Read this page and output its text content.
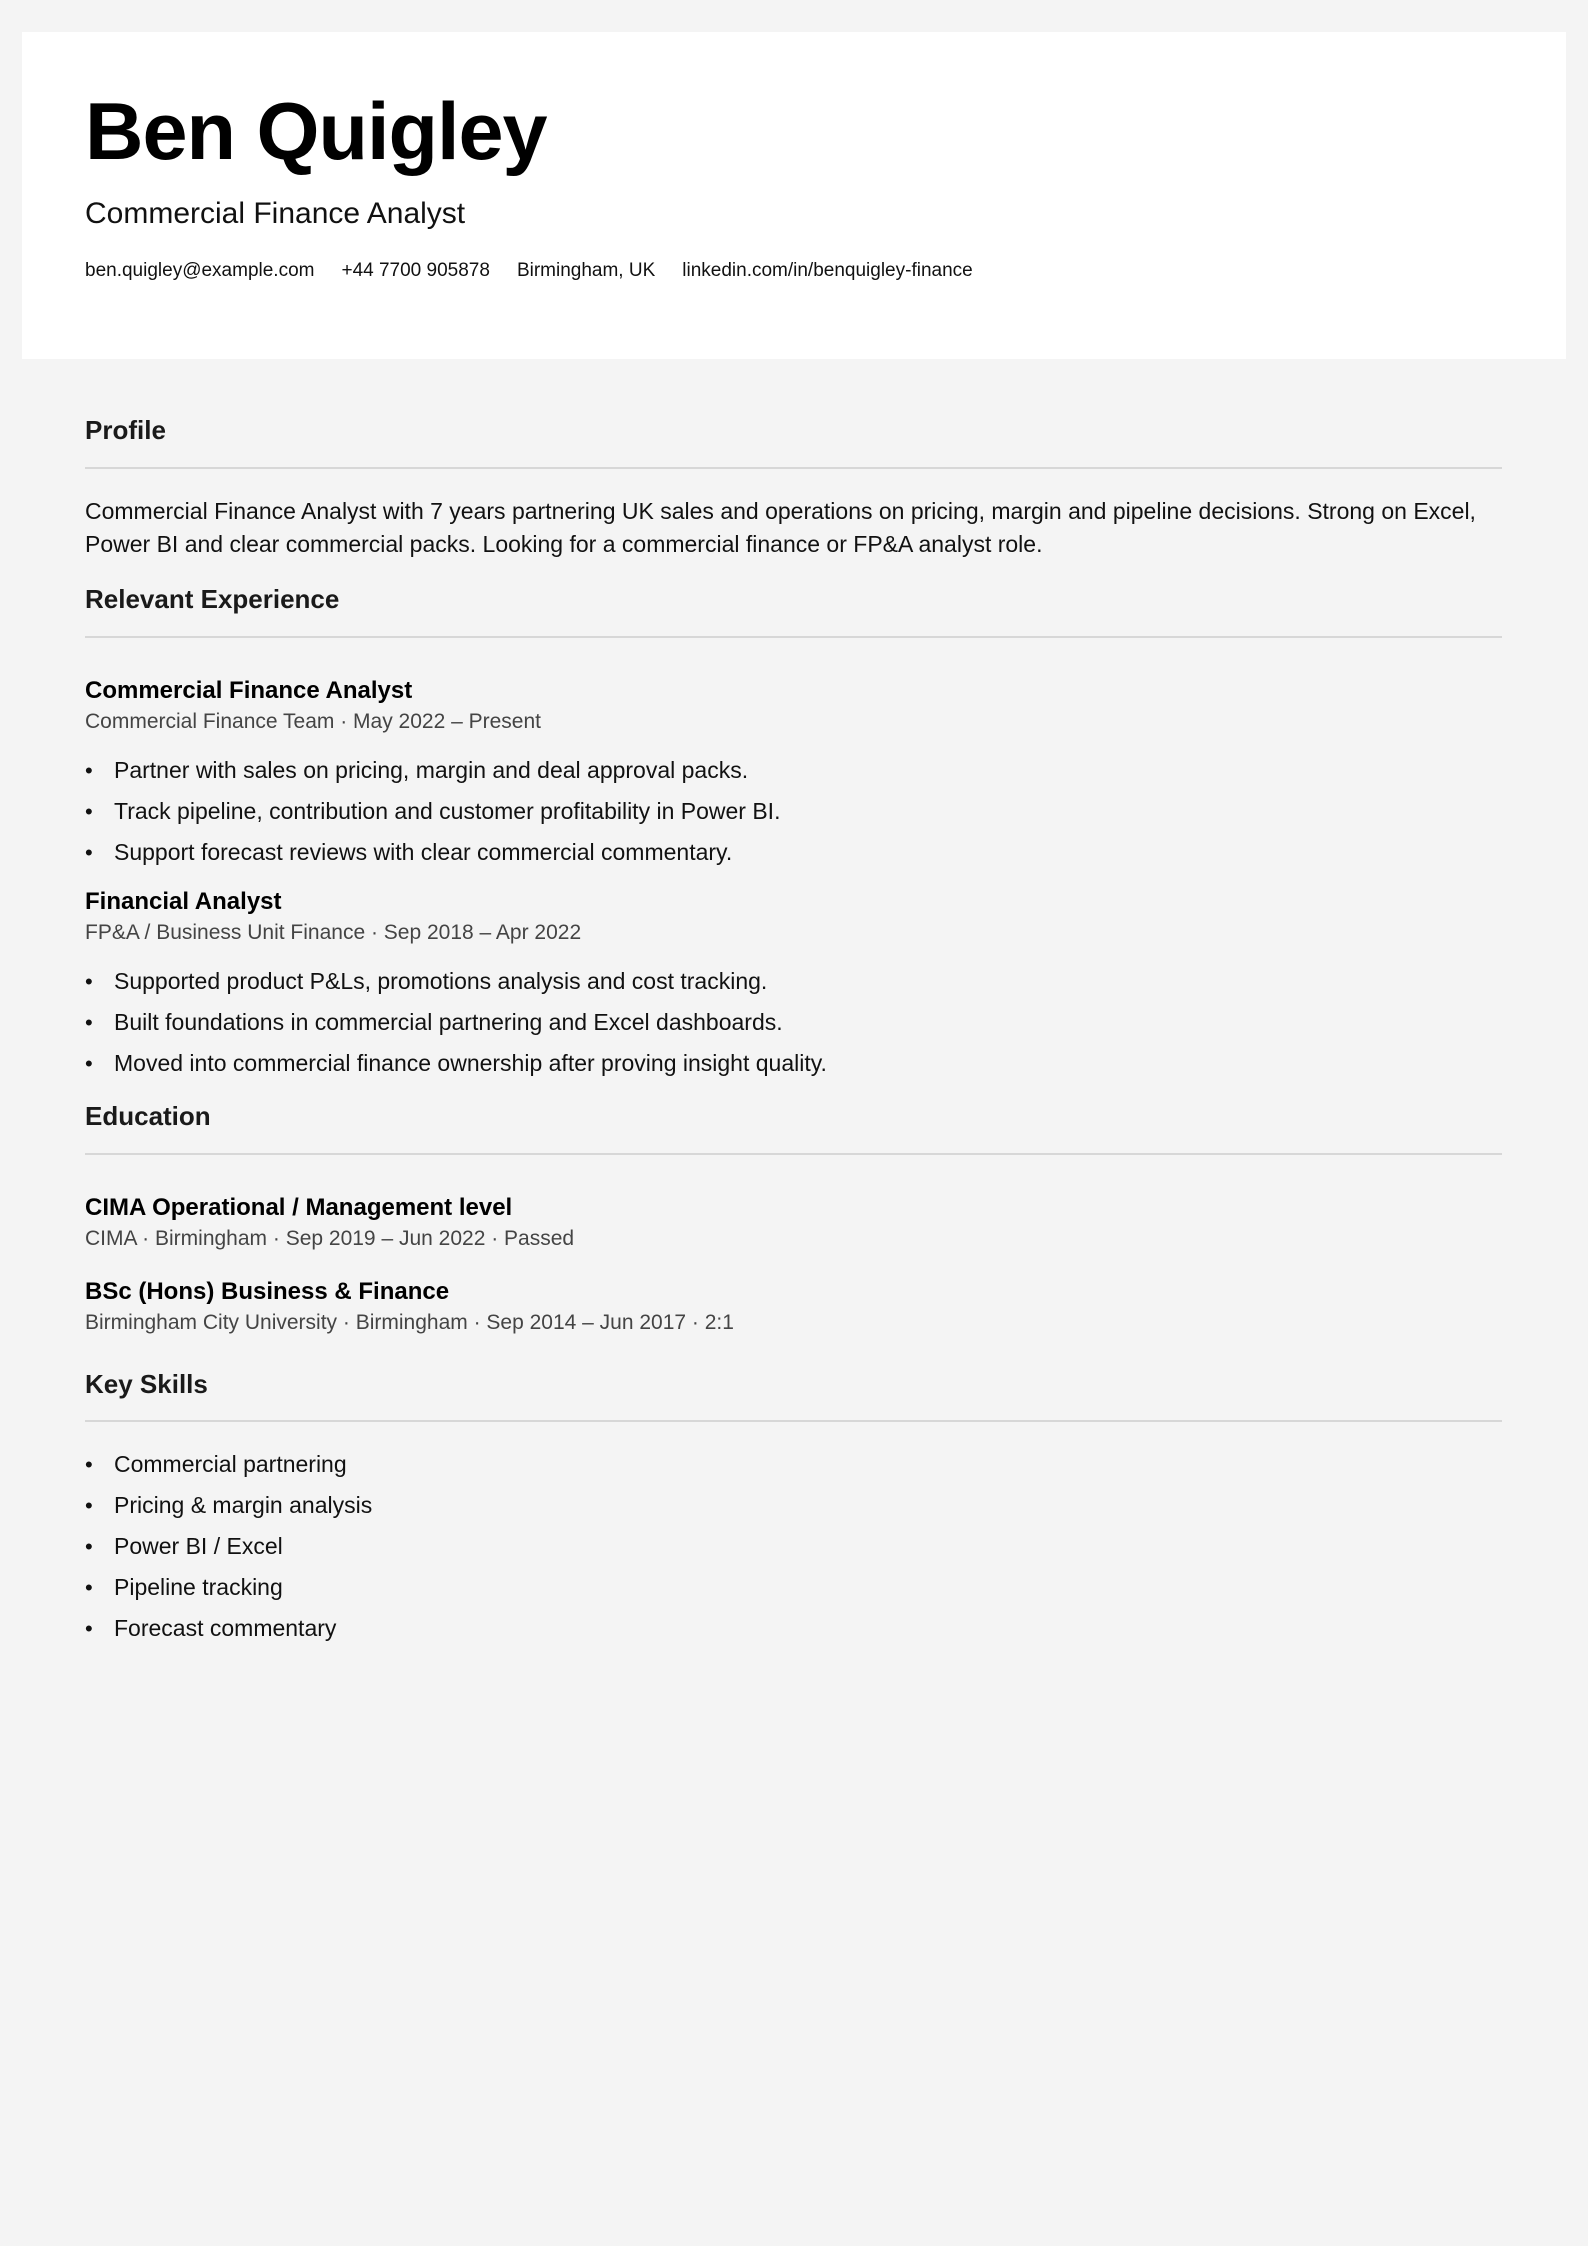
Ben Quigley
Commercial Finance Analyst
ben.quigley@example.com +44 7700 905878 Birmingham, UK linkedin.com/in/benquigley-finance
Profile

Commercial Finance Analyst with 7 years partnering UK sales and operations on pricing, margin and pipeline decisions. Strong on Excel, Power BI and clear commercial packs. Looking for a commercial finance or FP&A analyst role.

Relevant Experience
Commercial Finance Analyst

Commercial Finance Team · May 2022 – Present

• Partner with sales on pricing, margin and deal approval packs.
• Track pipeline, contribution and customer profitability in Power BI.
• Support forecast reviews with clear commercial commentary.
Financial Analyst

FP&A / Business Unit Finance · Sep 2018 – Apr 2022

• Supported product P&Ls, promotions analysis and cost tracking.
• Built foundations in commercial partnering and Excel dashboards.
• Moved into commercial finance ownership after proving insight quality.
Education
CIMA Operational / Management level

CIMA · Birmingham · Sep 2019 – Jun 2022 · Passed

BSc (Hons) Business & Finance

Birmingham City University · Birmingham · Sep 2014 – Jun 2017 · 2:1

Key Skills
• Commercial partnering
• Pricing & margin analysis
• Power BI / Excel
• Pipeline tracking
• Forecast commentary
